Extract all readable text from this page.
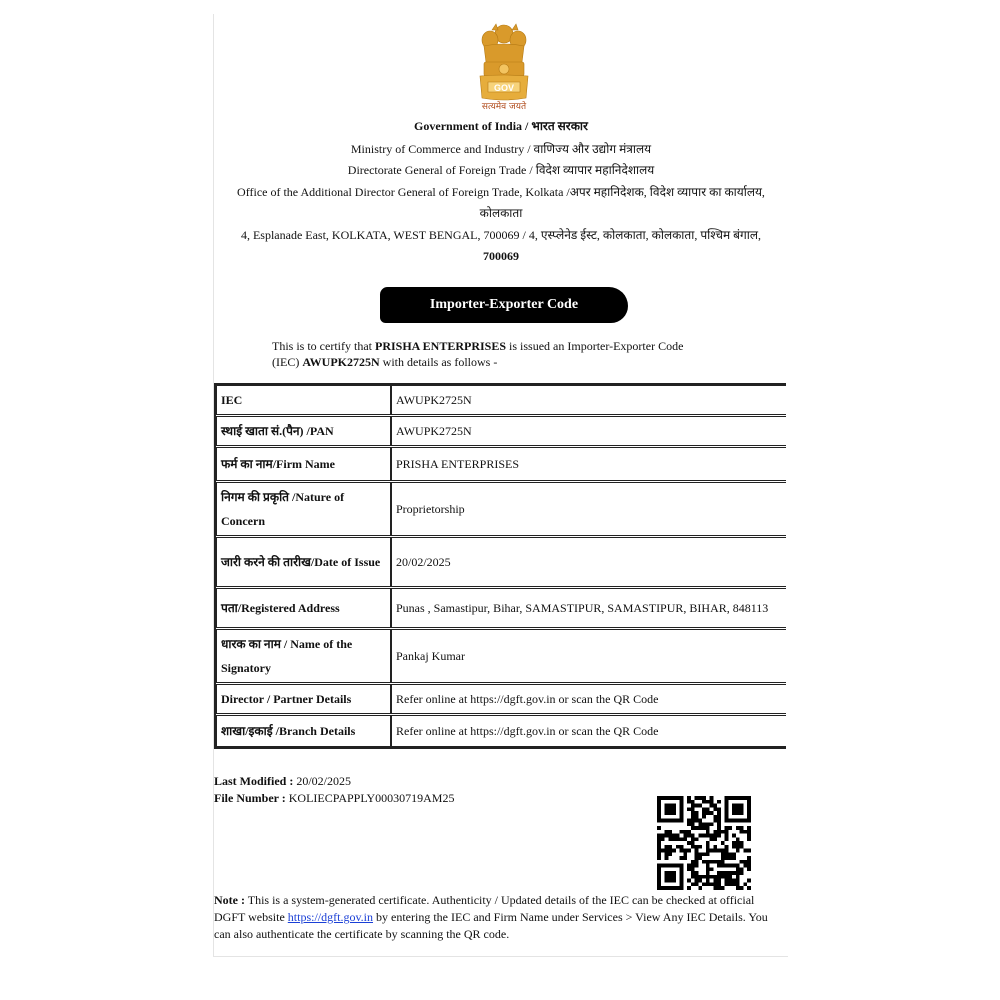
GOV
सत्यमेव जयते
Government of India / भारत सरकार
Ministry of Commerce and Industry / वाणिज्य और उद्योग मंत्रालय
Directorate General of Foreign Trade / विदेश व्यापार महानिदेशालय
Office of the Additional Director General of Foreign Trade, Kolkata /अपर महानिदेशक, विदेश व्यापार का कार्यालय,
कोलकाता
4, Esplanade East, KOLKATA, WEST BENGAL, 700069 / 4, एस्प्लेनेड ईस्ट, कोलकाता, कोलकाता, पश्चिम बंगाल,
700069
Importer-Exporter Code
This is to certify that PRISHA ENTERPRISES is issued an Importer-Exporter Code
(IEC) AWUPK2725N with details as follows -
IEC	AWUPK2725N

स्थाई खाता सं.(पैन) /PAN	AWUPK2725N

फर्म का नाम/Firm Name	PRISHA ENTERPRISES

निगम की प्रकृति /Nature of Concern	Proprietorship

जारी करने की तारीख/Date of Issue	20/02/2025

पता/Registered Address	Punas , Samastipur, Bihar, SAMASTIPUR, SAMASTIPUR, BIHAR, 848113

धारक का नाम / Name of the Signatory	Pankaj Kumar

Director / Partner Details	Refer online at https://dgft.gov.in or scan the QR Code

शाखा/इकाई /Branch Details	Refer online at https://dgft.gov.in or scan the QR Code
Last Modified : 20/02/2025
File Number : KOLIECPAPPLY00030719AM25
Note : This is a system-generated certificate. Authenticity / Updated details of the IEC can be checked at official DGFT website https://dgft.gov.in by entering the IEC and Firm Name under Services > View Any IEC Details. You can also authenticate the certificate by scanning the QR code.
